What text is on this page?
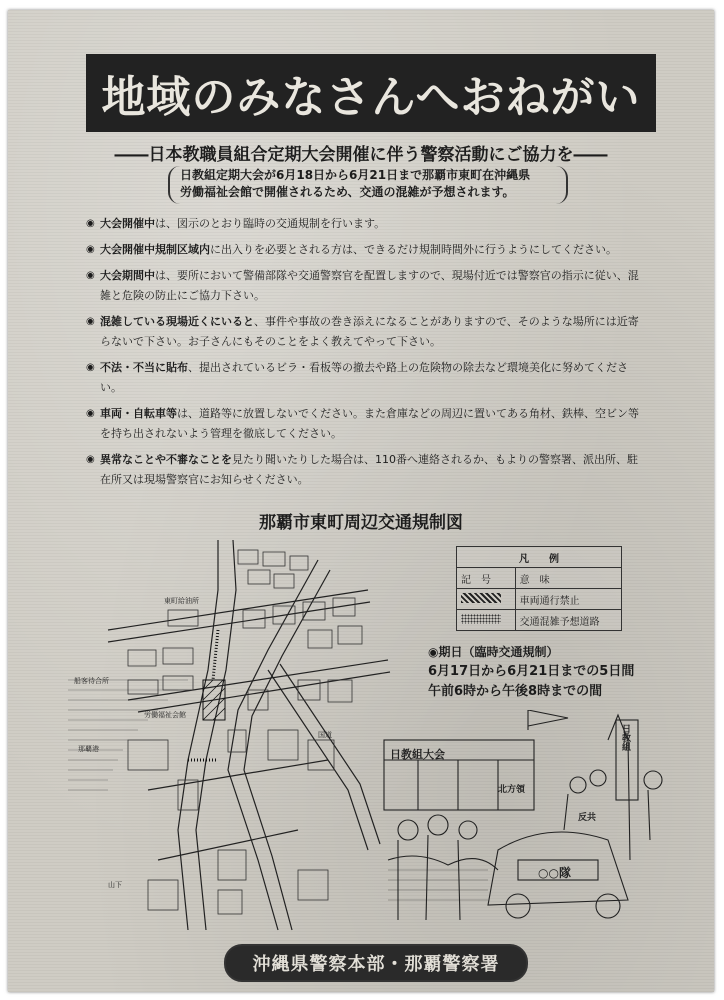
地域のみなさんへおねがい
――日本教職員組合定期大会開催に伴う警察活動にご協力を――
日教組定期大会が6月18日から6月21日まで那覇市東町在沖縄県
労働福祉会館で開催されるため、交通の混雑が予想されます。
◉ 大会開催中は、図示のとおり臨時の交通規制を行います。
◉ 大会開催中規制区域内に出入りを必要とされる方は、できるだけ規制時間外に行うようにしてください。
◉ 大会期間中は、要所において警備部隊や交通警察官を配置しますので、現場付近では警察官の指示に従い、混雑と危険の防止にご協力下さい。
◉ 混雑している現場近くにいると、事件や事故の巻き添えになることがありますので、そのような場所には近寄らないで下さい。お子さんにもそのことをよく教えてやって下さい。
◉ 不法・不当に貼布、提出されているビラ・看板等の撤去や路上の危険物の除去など環境美化に努めてください。
◉ 車両・自転車等は、道路等に放置しないでください。また倉庫などの周辺に置いてある角材、鉄棒、空ビン等を持ち出されないよう管理を徹底してください。
◉ 異常なことや不審なことを見たり聞いたりした場合は、110番へ連絡されるか、もよりの警察署、派出所、駐在所又は現場警察官にお知らせください。
那覇市東町周辺交通規制図
東町給油所
船客待合所
労働福祉会館
那覇港
山下
国道
凡　　例	
記　号	意　味
	車両通行禁止
	交通混雑予想道路
◉期日（臨時交通規制）
6月17日から6月21日までの5日間
午前6時から午後8時までの間
日教組大会
日教組
北方領
反共
○○隊
沖縄県警察本部・那覇警察署
